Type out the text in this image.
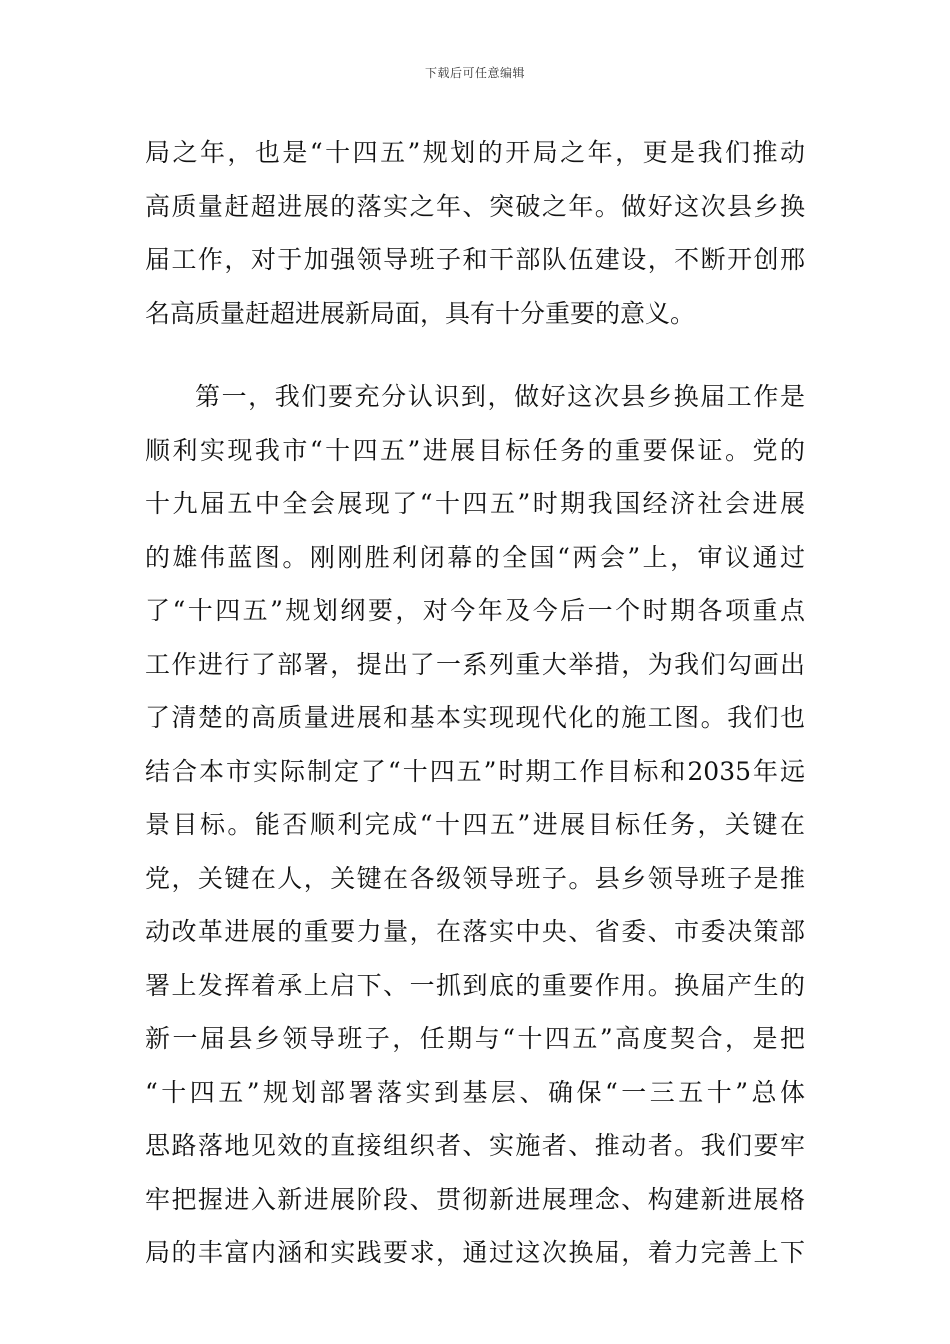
下载后可任意编辑
局之年，也是“十四五”规划的开局之年，更是我们推动
高质量赶超进展的落实之年、突破之年。做好这次县乡换
届工作，对于加强领导班子和干部队伍建设，不断开创邢
名高质量赶超进展新局面，具有十分重要的意义。
第一，我们要充分认识到，做好这次县乡换届工作是
顺利实现我市“十四五”进展目标任务的重要保证。党的
十九届五中全会展现了“十四五”时期我国经济社会进展
的雄伟蓝图。刚刚胜利闭幕的全国“两会”上，审议通过
了“十四五”规划纲要，对今年及今后一个时期各项重点
工作进行了部署，提出了一系列重大举措，为我们勾画出
了清楚的高质量进展和基本实现现代化的施工图。我们也
结合本市实际制定了“十四五”时期工作目标和2035年远
景目标。能否顺利完成“十四五”进展目标任务，关键在
党，关键在人，关键在各级领导班子。县乡领导班子是推
动改革进展的重要力量，在落实中央、省委、市委决策部
署上发挥着承上启下、一抓到底的重要作用。换届产生的
新一届县乡领导班子，任期与“十四五”高度契合，是把
“十四五”规划部署落实到基层、确保“一三五十”总体
思路落地见效的直接组织者、实施者、推动者。我们要牢
牢把握进入新进展阶段、贯彻新进展理念、构建新进展格
局的丰富内涵和实践要求，通过这次换届，着力完善上下
